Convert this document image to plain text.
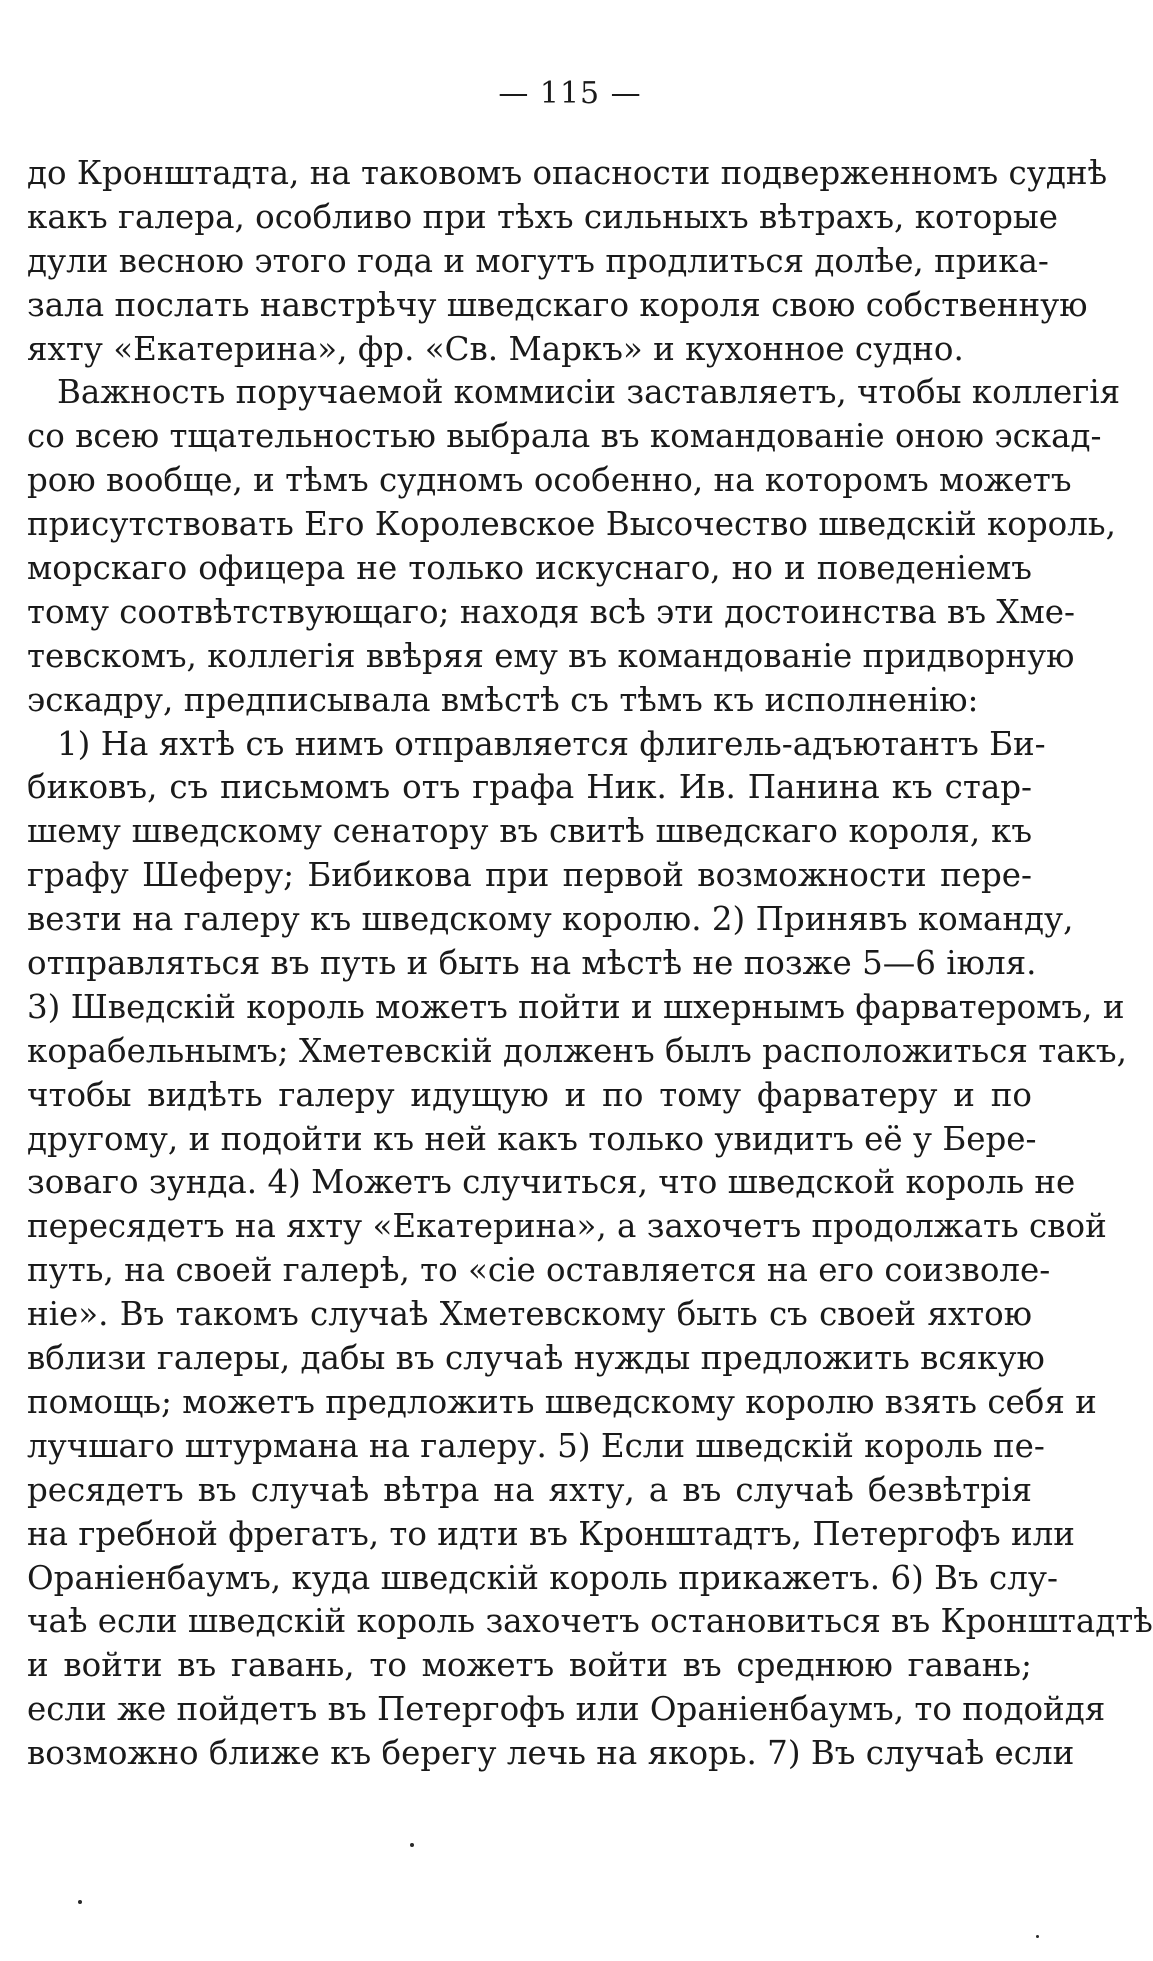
— 115 —
до Кронштадта, на таковомъ опасности подверженномъ суднѣ
какъ галера, особливо при тѣхъ сильныхъ вѣтрахъ, которые
дули весною этого года и могутъ продлиться долѣе, прика-
зала послать навстрѣчу шведскаго короля свою собственную
яхту «Екатерина», фр. «Св. Маркъ» и кухонное судно.
Важность поручаемой коммисіи заставляетъ, чтобы коллегія
со всею тщательностью выбрала въ командованіе оною эскад-
рою вообще, и тѣмъ судномъ особенно, на которомъ можетъ
присутствовать Его Королевское Высочество шведскій король,
морскаго офицера не только искуснаго, но и поведеніемъ
тому соотвѣтствующаго; находя всѣ эти достоинства въ Хме-
тевскомъ, коллегія ввѣряя ему въ командованіе придворную
эскадру, предписывала вмѣстѣ съ тѣмъ къ исполненію:
1) На яхтѣ съ нимъ отправляется флигель-адъютантъ Би-
биковъ, съ письмомъ отъ графа Ник. Ив. Панина къ стар-
шему шведскому сенатору въ свитѣ шведскаго короля, къ
графу Шеферу; Бибикова при первой возможности пере-
везти на галеру къ шведскому королю. 2) Принявъ команду,
отправляться въ путь и быть на мѣстѣ не позже 5—6 іюля.
3) Шведскій король можетъ пойти и шхернымъ фарватеромъ, и
корабельнымъ; Хметевскій долженъ былъ расположиться такъ,
чтобы видѣть галеру идущую и по тому фарватеру и по
другому, и подойти къ ней какъ только увидитъ её у Бере-
зоваго зунда. 4) Можетъ случиться, что шведской король не
пересядетъ на яхту «Екатерина», а захочетъ продолжать свой
путь, на своей галерѣ, то «сіе оставляется на его соизволе-
ніе». Въ такомъ случаѣ Хметевскому быть съ своей яхтою
вблизи галеры, дабы въ случаѣ нужды предложить всякую
помощь; можетъ предложить шведскому королю взять себя и
лучшаго штурмана на галеру. 5) Если шведскій король пе-
ресядетъ въ случаѣ вѣтра на яхту, а въ случаѣ безвѣтрія
на гребной фрегатъ, то идти въ Кронштадтъ, Петергофъ или
Ораніенбаумъ, куда шведскій король прикажетъ. 6) Въ слу-
чаѣ если шведскій король захочетъ остановиться въ Кронштадтѣ
и войти въ гавань, то можетъ войти въ среднюю гавань;
если же пойдетъ въ Петергофъ или Ораніенбаумъ, то подойдя
возможно ближе къ берегу лечь на якорь. 7) Въ случаѣ если
